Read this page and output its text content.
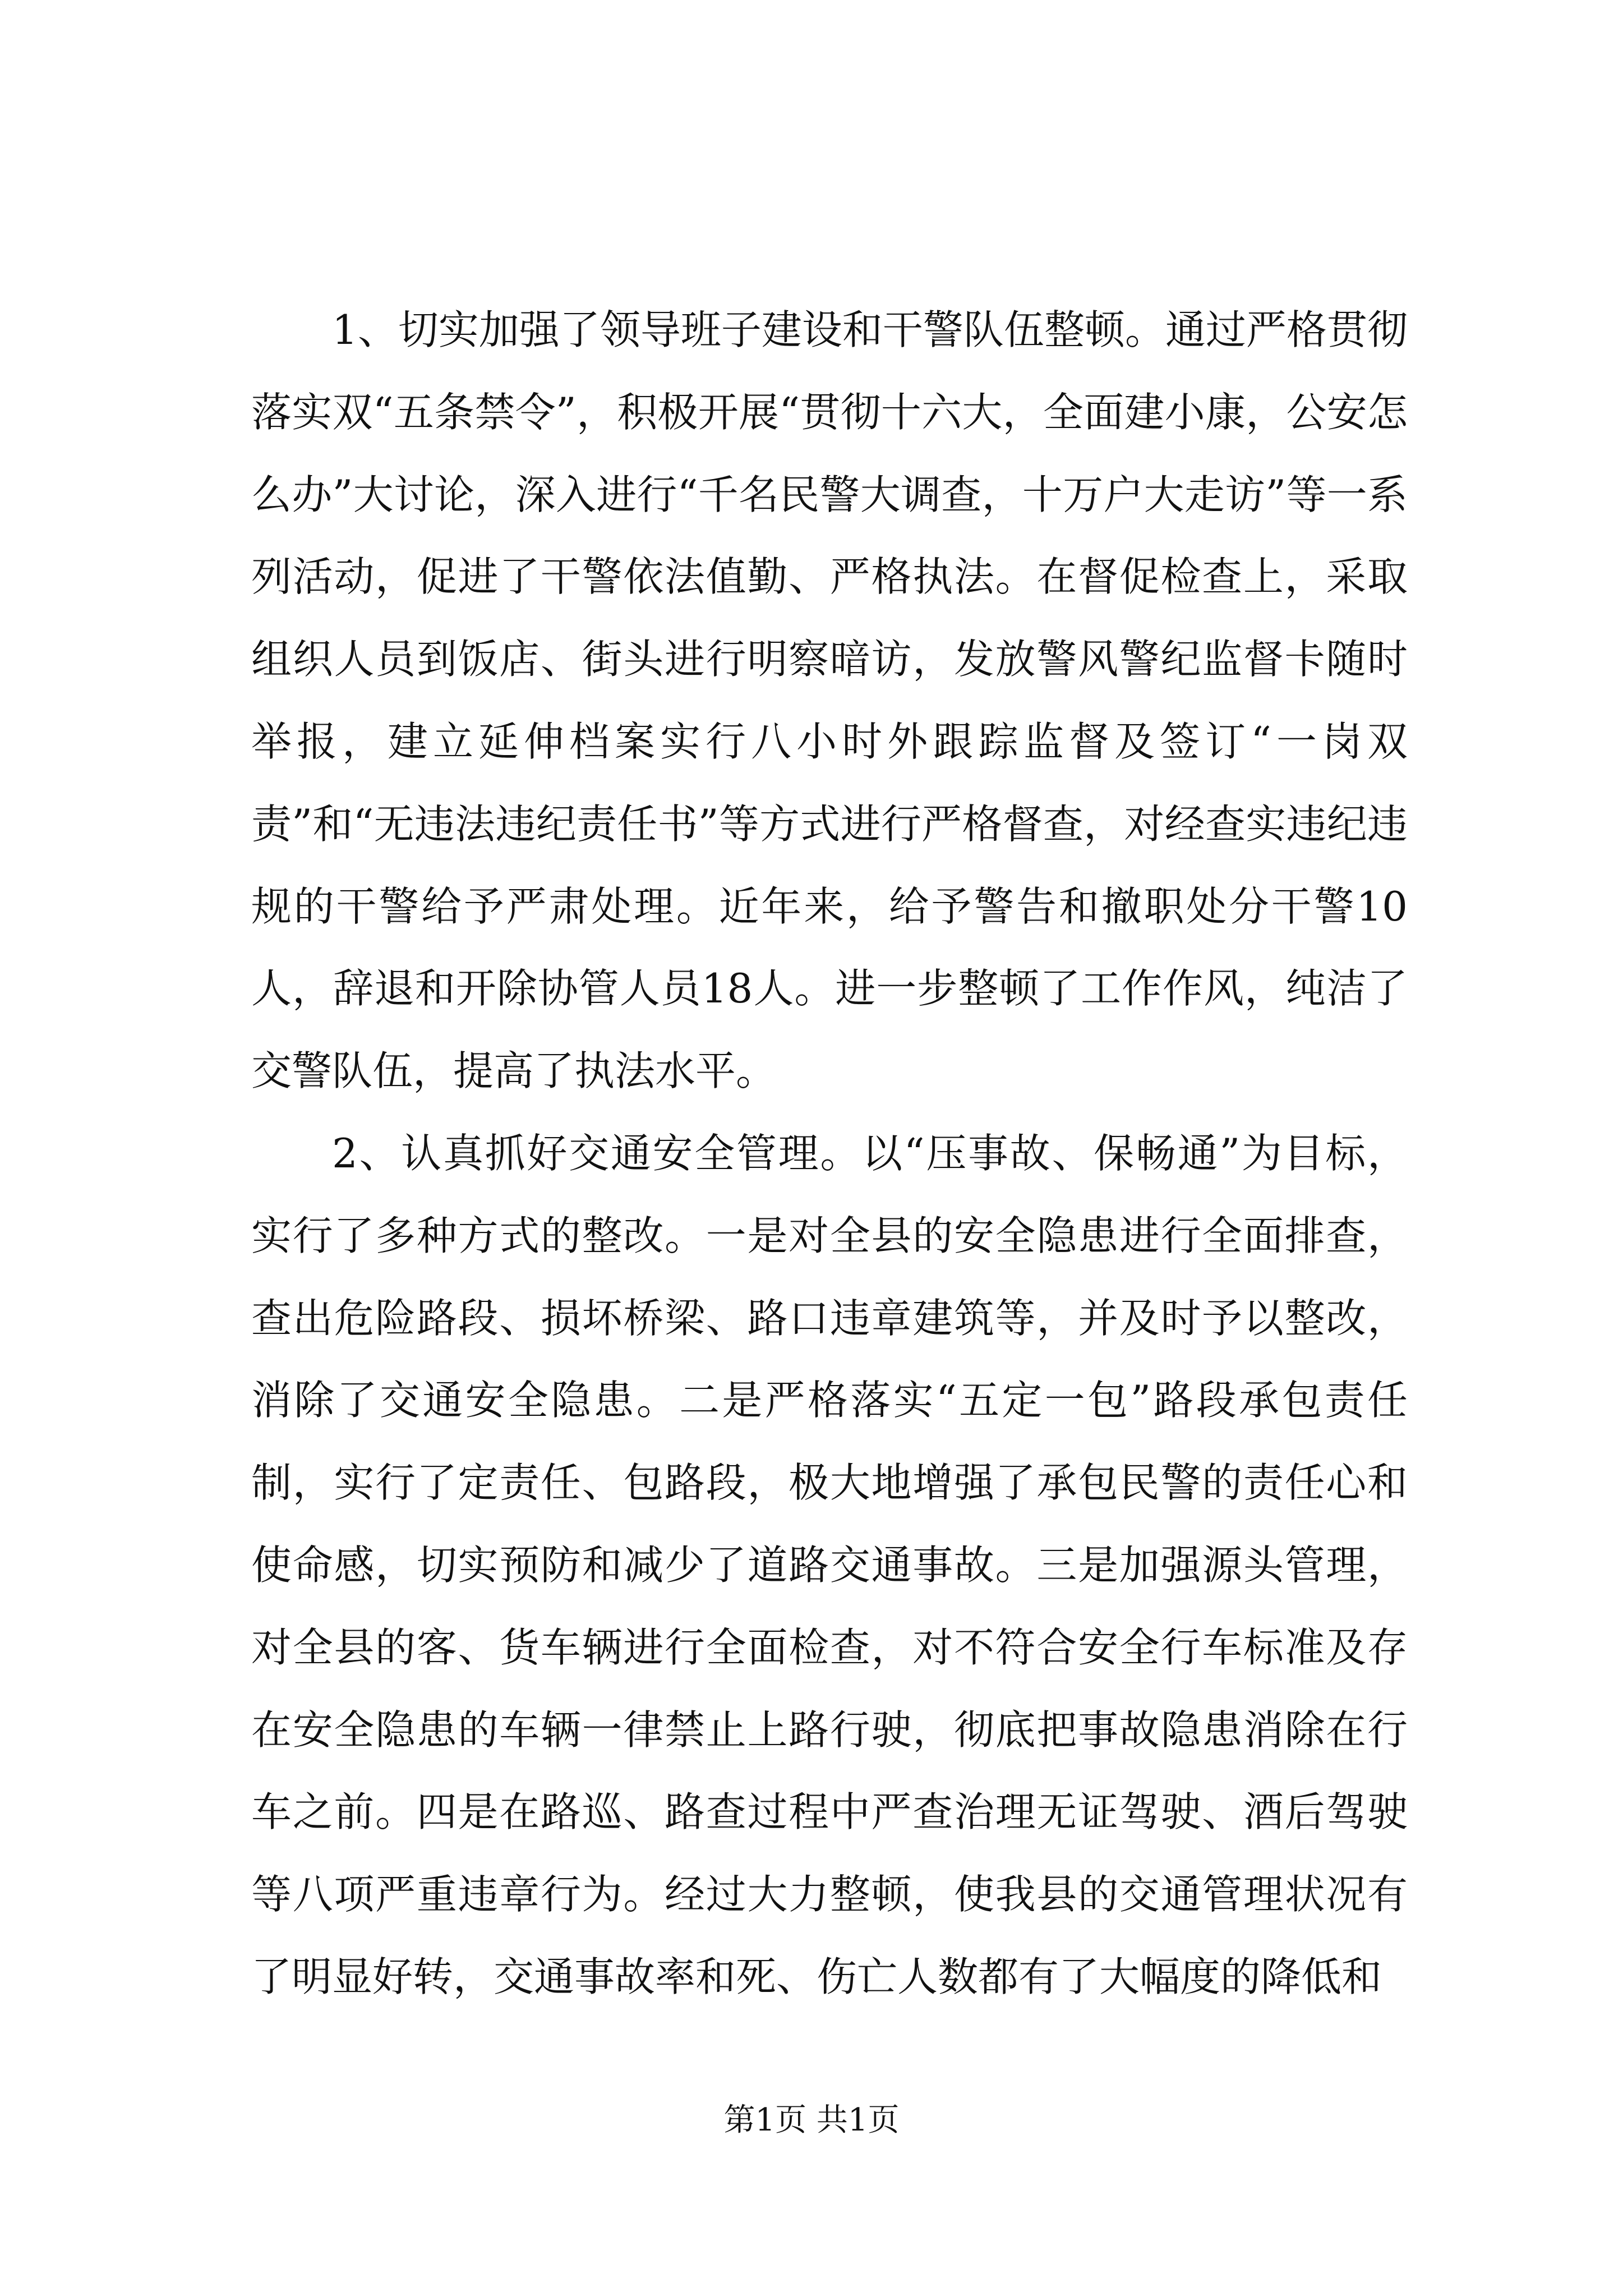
1、切实加强了领导班子建设和干警队伍整顿。通过严格贯彻落实双“五条禁令”，积极开展“贯彻十六大，全面建小康，公安怎么办”大讨论，深入进行“千名民警大调查，十万户大走访”等一系列活动，促进了干警依法值勤、严格执法。在督促检查上，采取组织人员到饭店、街头进行明察暗访，发放警风警纪监督卡随时举报，建立延伸档案实行八小时外跟踪监督及签订“一岗双责”和“无违法违纪责任书”等方式进行严格督查，对经查实违纪违规的干警给予严肃处理。近年来，给予警告和撤职处分干警10人，辞退和开除协管人员18人。进一步整顿了工作作风，纯洁了交警队伍，提高了执法水平。

2、认真抓好交通安全管理。以“压事故、保畅通”为目标，实行了多种方式的整改。一是对全县的安全隐患进行全面排查，查出危险路段、损坏桥梁、路口违章建筑等，并及时予以整改，消除了交通安全隐患。二是严格落实“五定一包”路段承包责任制，实行了定责任、包路段，极大地增强了承包民警的责任心和使命感，切实预防和减少了道路交通事故。三是加强源头管理，对全县的客、货车辆进行全面检查，对不符合安全行车标准及存在安全隐患的车辆一律禁止上路行驶，彻底把事故隐患消除在行车之前。四是在路巡、路查过程中严查治理无证驾驶、酒后驾驶等八项严重违章行为。经过大力整顿，使我县的交通管理状况有了明显好转，交通事故率和死、伤亡人数都有了大幅度的降低和

第1页 共1页
